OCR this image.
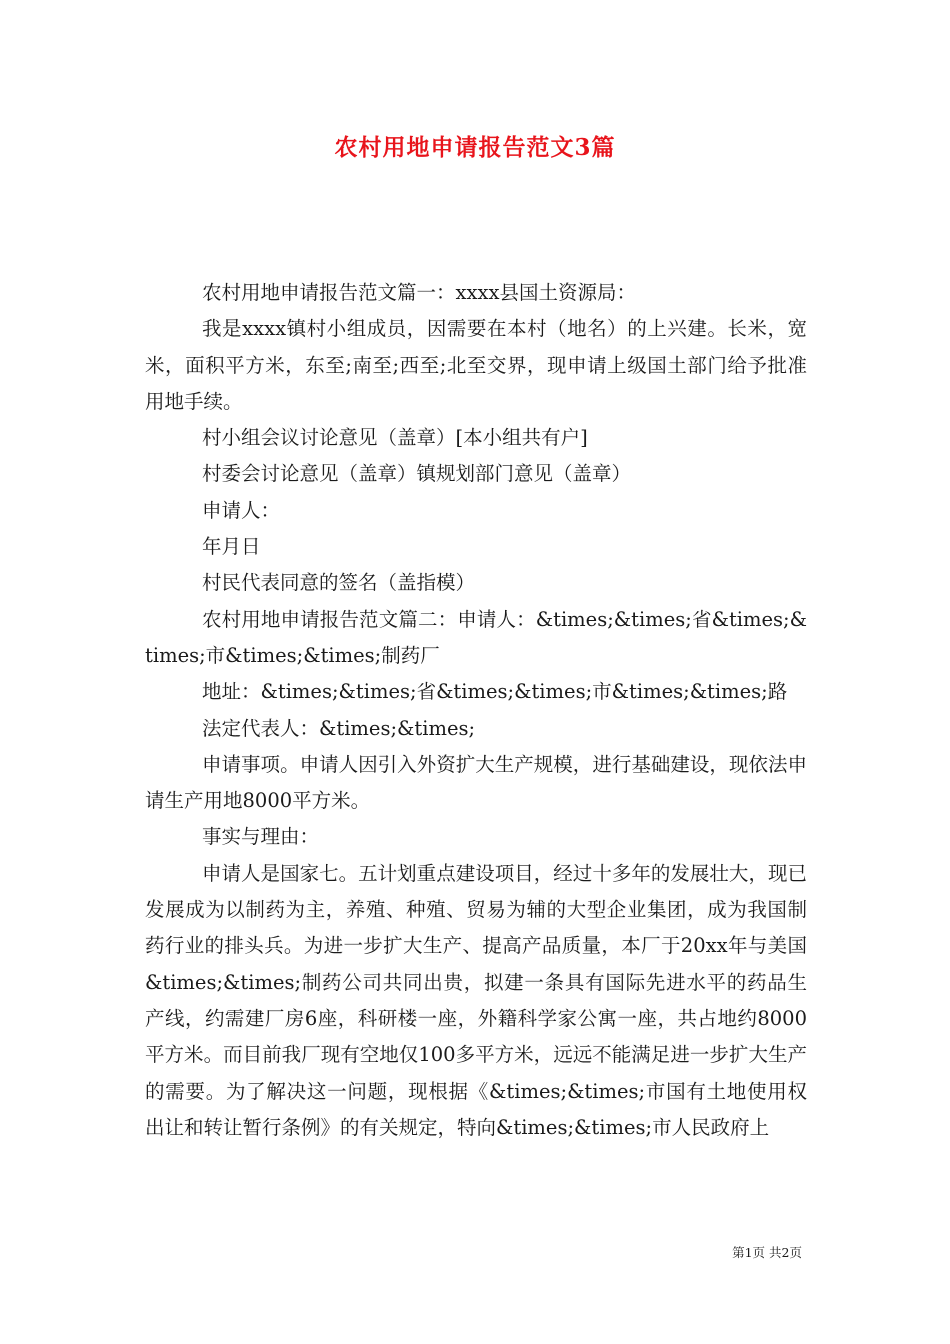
农村用地申请报告范文3篇

农村用地申请报告范文篇一：xxxx县国土资源局：

我是xxxx镇村小组成员，因需要在本村（地名）的上兴建。长米，宽米，面积平方米，东至;南至;西至;北至交界，现申请上级国土部门给予批准用地手续。

村小组会议讨论意见（盖章）[本小组共有户]

村委会讨论意见（盖章）镇规划部门意见（盖章）

申请人：

年月日

村民代表同意的签名（盖指模）

农村用地申请报告范文篇二：申请人：&times;&times;省&times;&times;市&times;&times;制药厂

地址：&times;&times;省&times;&times;市&times;&times;路

法定代表人：&times;&times;

申请事项。申请人因引入外资扩大生产规模，进行基础建设，现依法申请生产用地8000平方米。

事实与理由：

申请人是国家七。五计划重点建设项目，经过十多年的发展壮大，现已发展成为以制药为主，养殖、种殖、贸易为辅的大型企业集团，成为我国制药行业的排头兵。为进一步扩大生产、提高产品质量，本厂于20xx年与美国&times;&times;制药公司共同出贵，拟建一条具有国际先进水平的药品生产线，约需建厂房6座，科研楼一座，外籍科学家公寓一座，共占地约8000平方米。而目前我厂现有空地仅100多平方米，远远不能满足进一步扩大生产的需要。为了解决这一问题，现根据《&times;&times;市国有土地使用权出让和转让暂行条例》的有关规定，特向&times;&times;市人民政府上

第1页 共2页
